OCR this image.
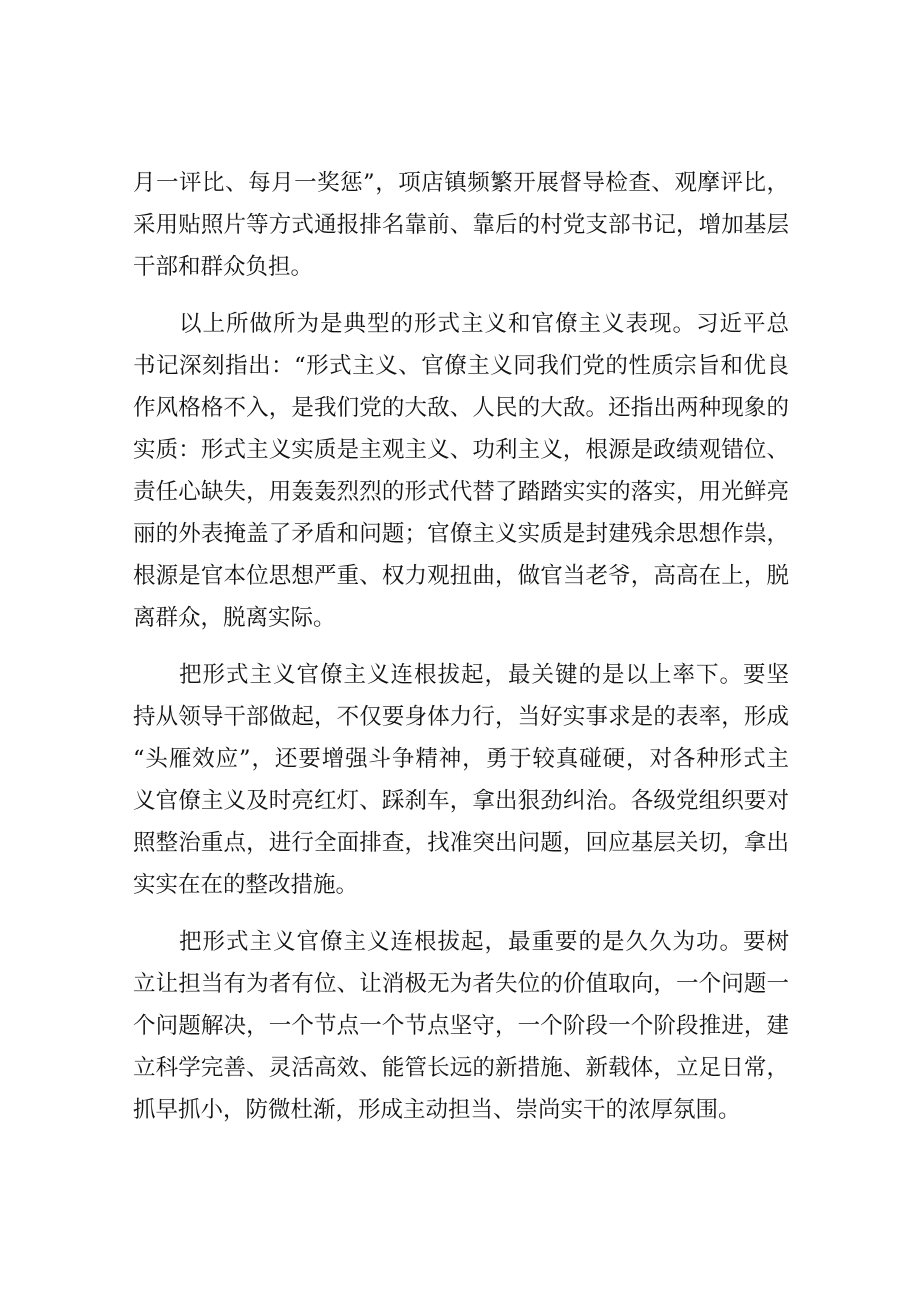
月一评比、每月一奖惩”，项店镇频繁开展督导检查、观摩评比，

采用贴照片等方式通报排名靠前、靠后的村党支部书记，增加基层

干部和群众负担。

以上所做所为是典型的形式主义和官僚主义表现。习近平总

书记深刻指出：“形式主义、官僚主义同我们党的性质宗旨和优良

作风格格不入，是我们党的大敌、人民的大敌。还指出两种现象的

实质：形式主义实质是主观主义、功利主义，根源是政绩观错位、

责任心缺失，用轰轰烈烈的形式代替了踏踏实实的落实，用光鲜亮

丽的外表掩盖了矛盾和问题；官僚主义实质是封建残余思想作祟，

根源是官本位思想严重、权力观扭曲，做官当老爷，高高在上，脱

离群众，脱离实际。

把形式主义官僚主义连根拔起，最关键的是以上率下。要坚

持从领导干部做起，不仅要身体力行，当好实事求是的表率，形成

“头雁效应”，还要增强斗争精神，勇于较真碰硬，对各种形式主

义官僚主义及时亮红灯、踩刹车，拿出狠劲纠治。各级党组织要对

照整治重点，进行全面排查，找准突出问题，回应基层关切，拿出

实实在在的整改措施。

把形式主义官僚主义连根拔起，最重要的是久久为功。要树

立让担当有为者有位、让消极无为者失位的价值取向，一个问题一

个问题解决，一个节点一个节点坚守，一个阶段一个阶段推进，建

立科学完善、灵活高效、能管长远的新措施、新载体，立足日常，

抓早抓小，防微杜渐，形成主动担当、崇尚实干的浓厚氛围。
